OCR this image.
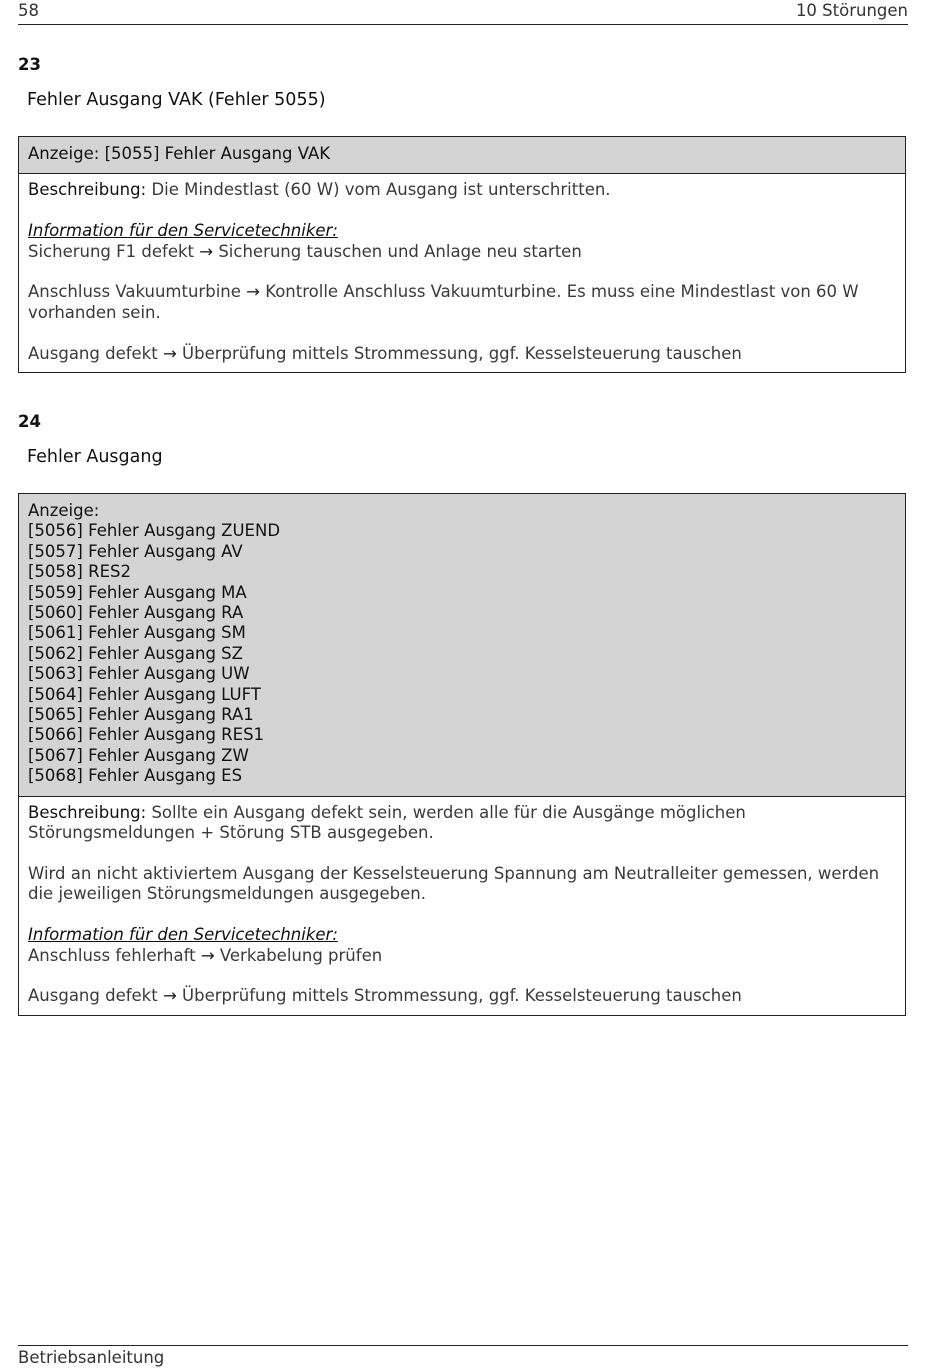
58	10 Störungen
23
Fehler Ausgang VAK (Fehler 5055)
Anzeige: [5055] Fehler Ausgang VAK
Beschreibung: Die Mindestlast (60 W) vom Ausgang ist unterschritten.
Information für den Servicetechniker:
Sicherung F1 defekt → Sicherung tauschen und Anlage neu starten
Anschluss Vakuumturbine → Kontrolle Anschluss Vakuumturbine. Es muss eine Mindestlast von 60 W vorhanden sein.
Ausgang defekt → Überprüfung mittels Strommessung, ggf. Kesselsteuerung tauschen
24
Fehler Ausgang
Anzeige:
[5056] Fehler Ausgang ZUEND
[5057] Fehler Ausgang AV
[5058] RES2
[5059] Fehler Ausgang MA
[5060] Fehler Ausgang RA
[5061] Fehler Ausgang SM
[5062] Fehler Ausgang SZ
[5063] Fehler Ausgang UW
[5064] Fehler Ausgang LUFT
[5065] Fehler Ausgang RA1
[5066] Fehler Ausgang RES1
[5067] Fehler Ausgang ZW
[5068] Fehler Ausgang ES
Beschreibung: Sollte ein Ausgang defekt sein, werden alle für die Ausgänge möglichen Störungsmeldungen + Störung STB ausgegeben.
Wird an nicht aktiviertem Ausgang der Kesselsteuerung Spannung am Neutralleiter gemessen, werden die jeweiligen Störungsmeldungen ausgegeben.
Information für den Servicetechniker:
Anschluss fehlerhaft → Verkabelung prüfen
Ausgang defekt → Überprüfung mittels Strommessung, ggf. Kesselsteuerung tauschen
Betriebsanleitung
